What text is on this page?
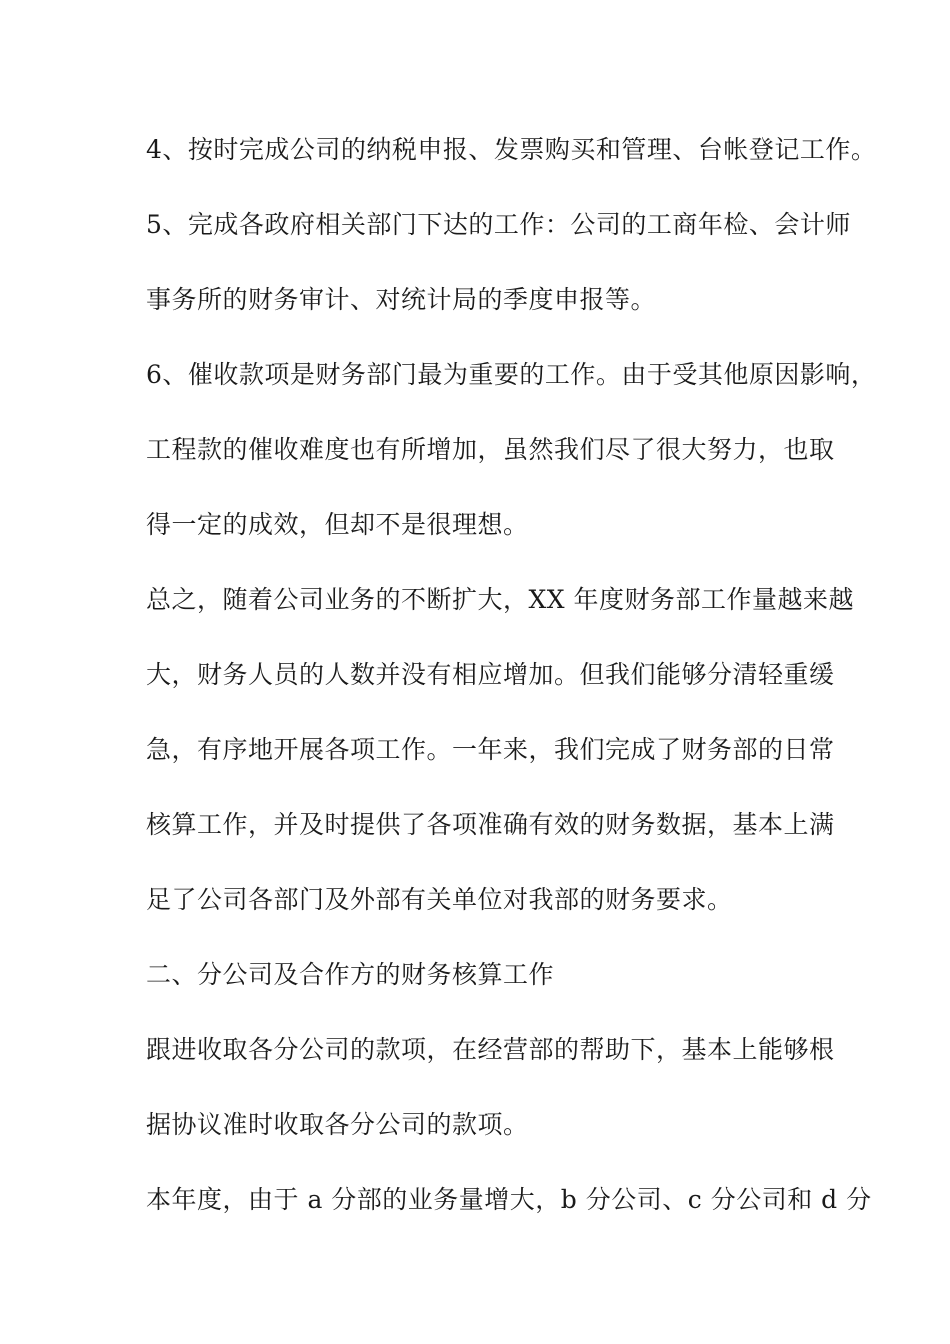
4、按时完成公司的纳税申报、发票购买和管理、台帐登记工作。
5、完成各政府相关部门下达的工作：公司的工商年检、会计师
事务所的财务审计、对统计局的季度申报等。
6、催收款项是财务部门最为重要的工作。由于受其他原因影响，
工程款的催收难度也有所增加，虽然我们尽了很大努力，也取
得一定的成效，但却不是很理想。
总之，随着公司业务的不断扩大，XX 年度财务部工作量越来越
大，财务人员的人数并没有相应增加。但我们能够分清轻重缓
急，有序地开展各项工作。一年来，我们完成了财务部的日常
核算工作，并及时提供了各项准确有效的财务数据，基本上满
足了公司各部门及外部有关单位对我部的财务要求。
二、分公司及合作方的财务核算工作
跟进收取各分公司的款项，在经营部的帮助下，基本上能够根
据协议准时收取各分公司的款项。
本年度，由于 a 分部的业务量增大，b 分公司、c 分公司和 d 分
